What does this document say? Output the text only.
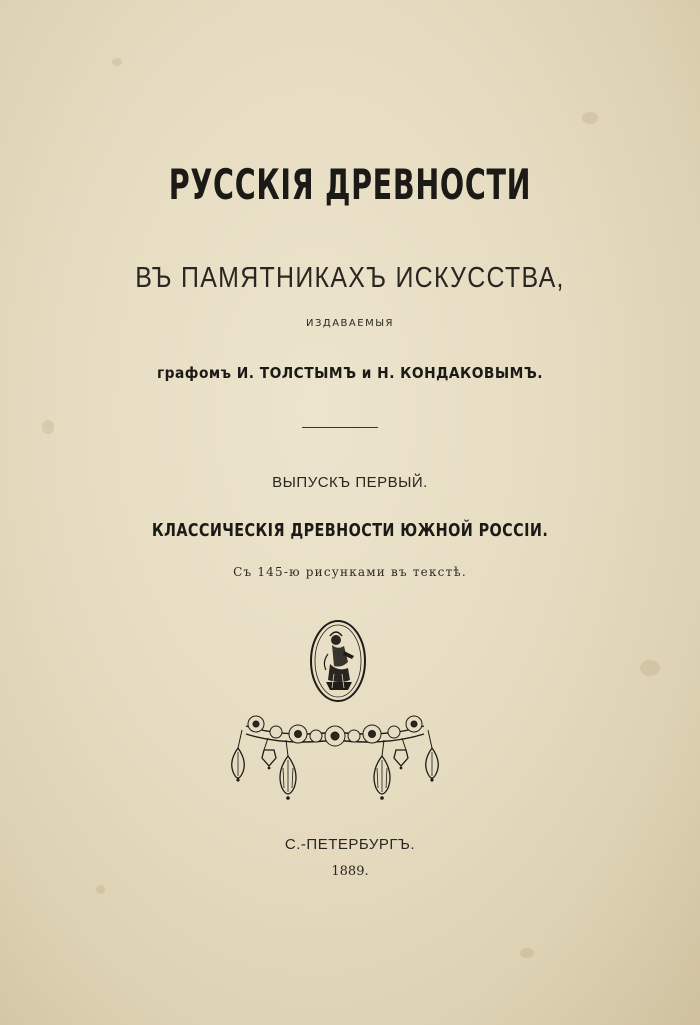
РУССКІЯ ДРЕВНОСТИ
ВЪ ПАМЯТНИКАХЪ ИСКУССТВА,
ИЗДАВАЕМЫЯ
графомъ И. ТОЛСТЫМЪ и Н. КОНДАКОВЫМЪ.
ВЫПУСКЪ ПЕРВЫЙ.
КЛАССИЧЕСКІЯ ДРЕВНОСТИ ЮЖНОЙ РОССІИ.
Съ 145-ю рисунками въ текстѣ.
С.-ПЕТЕРБУРГЪ.
1889.
